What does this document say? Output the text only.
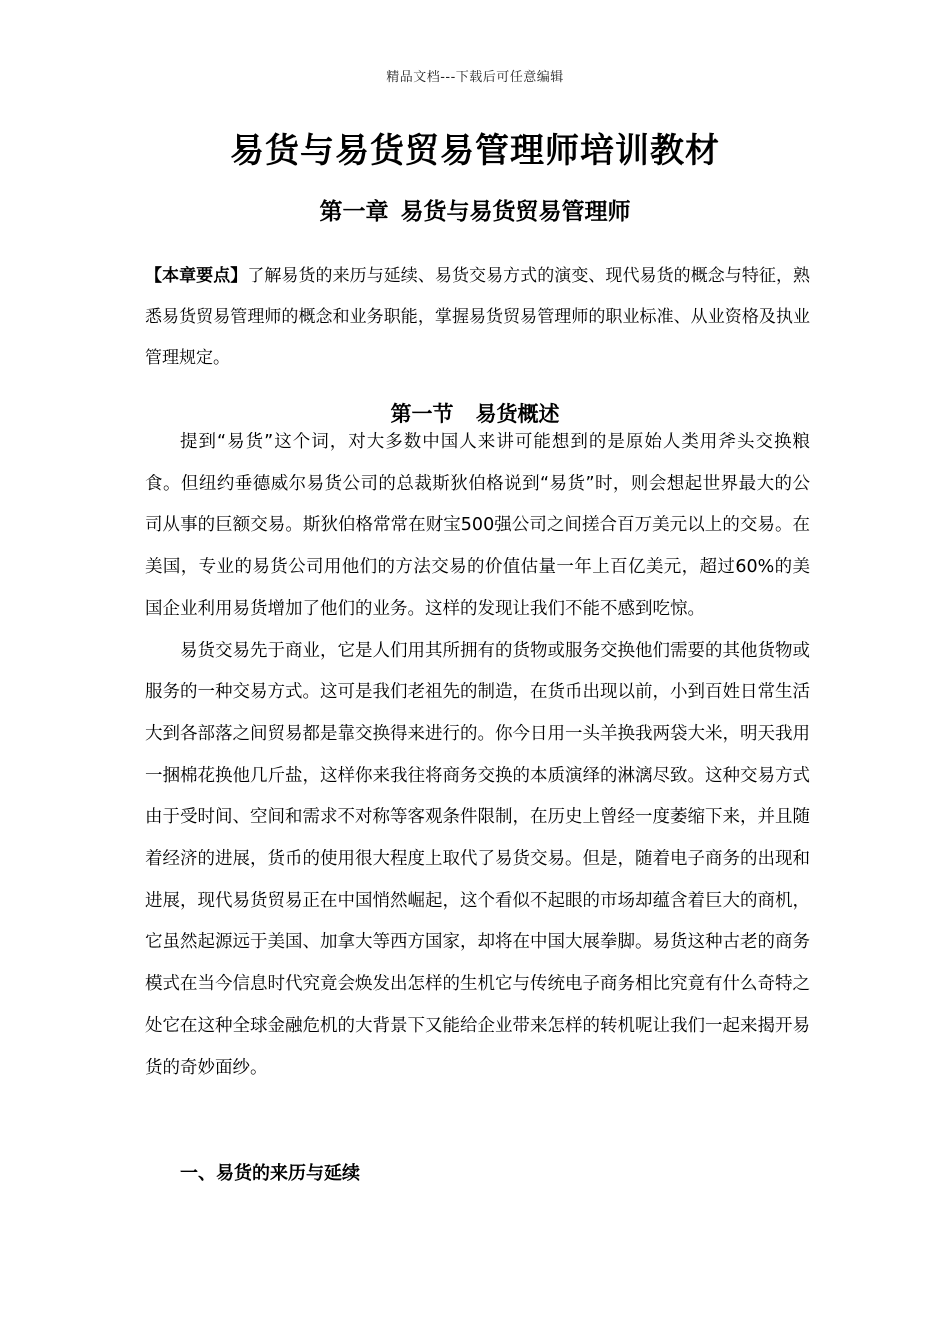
精品文档---下载后可任意编辑
易货与易货贸易管理师培训教材
第一章 易货与易货贸易管理师
【本章要点】了解易货的来历与延续、易货交易方式的演变、现代易货的概念与特征，熟悉易货贸易管理师的概念和业务职能，掌握易货贸易管理师的职业标准、从业资格及执业管理规定。
第一节 易货概述

提到“易货”这个词，对大多数中国人来讲可能想到的是原始人类用斧头交换粮食。但纽约垂德威尔易货公司的总裁斯狄伯格说到“易货”时，则会想起世界最大的公司从事的巨额交易。斯狄伯格常常在财宝500强公司之间搓合百万美元以上的交易。在美国，专业的易货公司用他们的方法交易的价值估量一年上百亿美元，超过60%的美国企业利用易货增加了他们的业务。这样的发现让我们不能不感到吃惊。

易货交易先于商业，它是人们用其所拥有的货物或服务交换他们需要的其他货物或服务的一种交易方式。这可是我们老祖先的制造，在货币出现以前，小到百姓日常生活大到各部落之间贸易都是靠交换得来进行的。你今日用一头羊换我两袋大米，明天我用一捆棉花换他几斤盐，这样你来我往将商务交换的本质演绎的淋漓尽致。这种交易方式由于受时间、空间和需求不对称等客观条件限制，在历史上曾经一度萎缩下来，并且随着经济的进展，货币的使用很大程度上取代了易货交易。但是，随着电子商务的出现和进展，现代易货贸易正在中国悄然崛起，这个看似不起眼的市场却蕴含着巨大的商机，它虽然起源远于美国、加拿大等西方国家，却将在中国大展拳脚。易货这种古老的商务模式在当今信息时代究竟会焕发出怎样的生机它与传统电子商务相比究竟有什么奇特之处它在这种全球金融危机的大背景下又能给企业带来怎样的转机呢让我们一起来揭开易货的奇妙面纱。

一、易货的来历与延续
